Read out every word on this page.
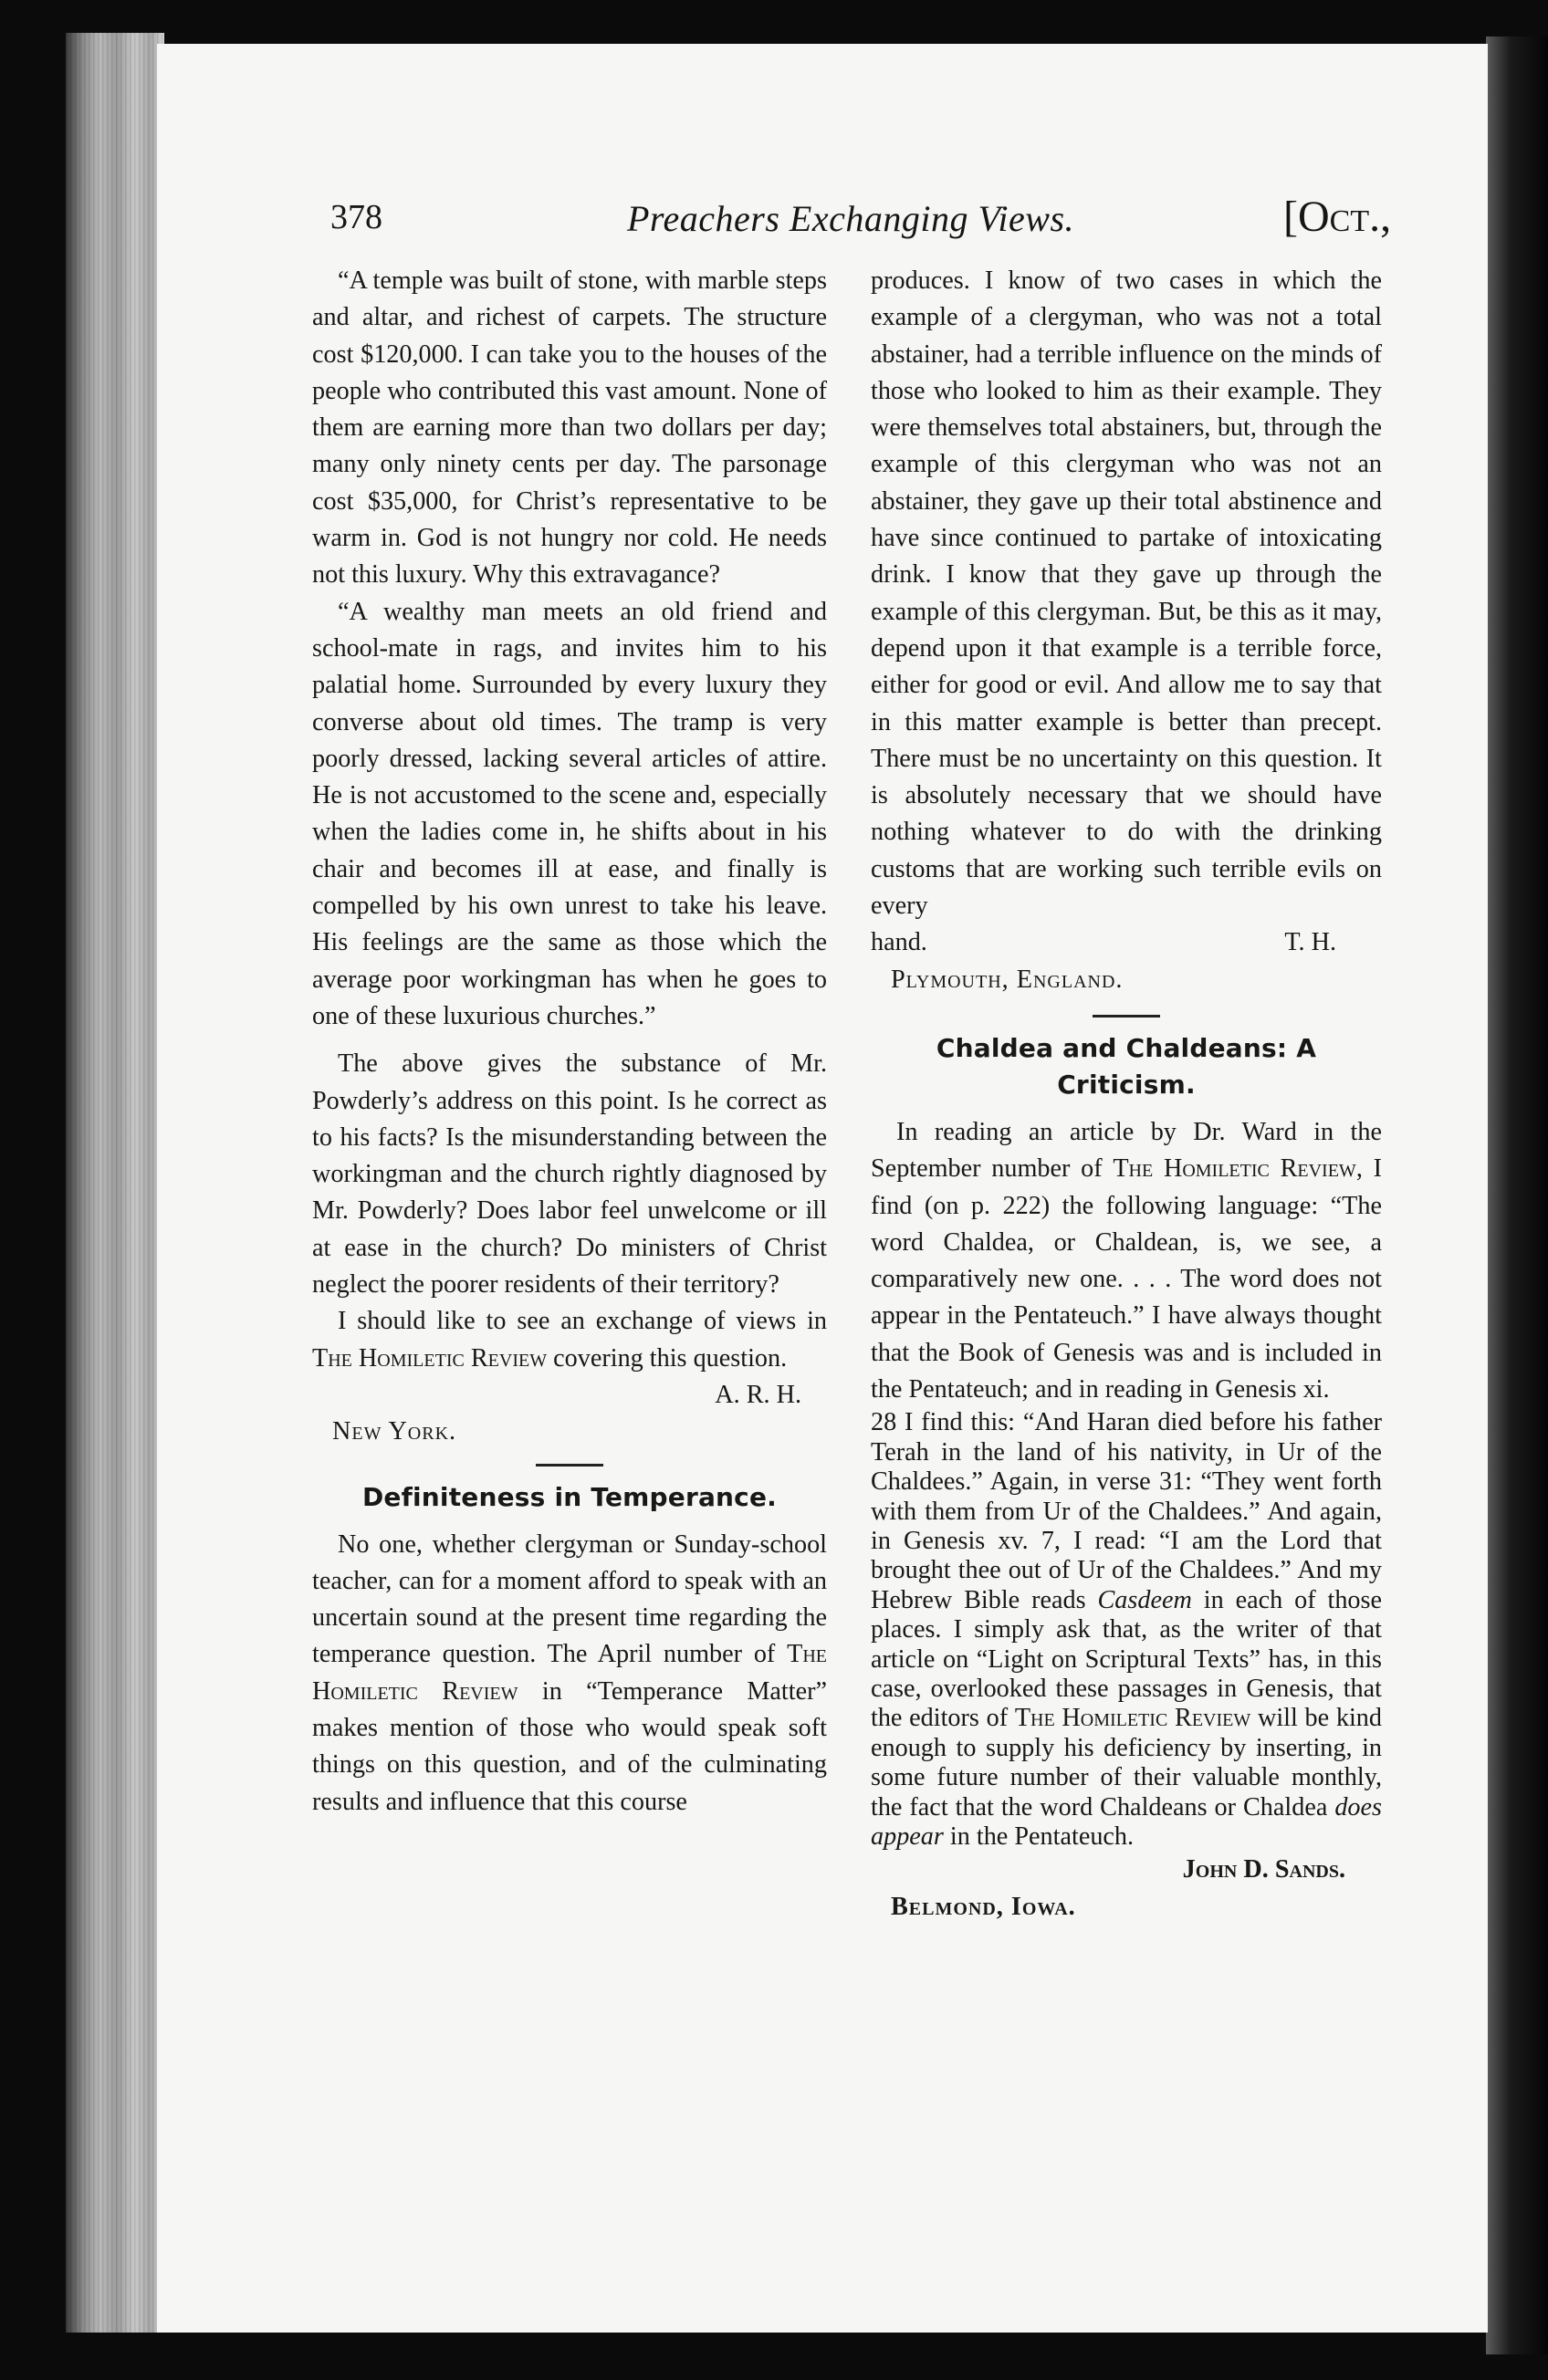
378	Preachers Exchanging Views.	[Oct.,

“A temple was built of stone, with marble steps and altar, and richest of carpets. The structure cost $120,000. I can take you to the houses of the people who contributed this vast amount. None of them are earning more than two dollars per day; many only ninety cents per day. The parsonage cost $35,000, for Christ’s representative to be warm in. God is not hungry nor cold. He needs not this luxury. Why this extravagance?

“A wealthy man meets an old friend and school-mate in rags, and invites him to his palatial home. Surrounded by every luxury they converse about old times. The tramp is very poorly dressed, lacking several articles of attire. He is not accustomed to the scene and, especially when the ladies come in, he shifts about in his chair and becomes ill at ease, and finally is compelled by his own unrest to take his leave. His feelings are the same as those which the average poor workingman has when he goes to one of these luxurious churches.”

The above gives the substance of Mr. Powderly’s address on this point. Is he correct as to his facts? Is the misunderstanding between the workingman and the church rightly diagnosed by Mr. Powderly? Does labor feel unwelcome or ill at ease in the church? Do ministers of Christ neglect the poorer residents of their territory?

I should like to see an exchange of views in The Homiletic Review covering this question.

A. R. H.

New York.

Definiteness in Temperance.

No one, whether clergyman or Sunday-school teacher, can for a moment afford to speak with an uncertain sound at the present time regarding the temperance question. The April number of The Homiletic Review in “Temperance Matter” makes mention of those who would speak soft things on this question, and of the culminating results and influence that this course

produces. I know of two cases in which the example of a clergyman, who was not a total abstainer, had a terrible influence on the minds of those who looked to him as their example. They were themselves total abstainers, but, through the example of this clergyman who was not an abstainer, they gave up their total abstinence and have since continued to partake of intoxicating drink. I know that they gave up through the example of this clergyman. But, be this as it may, depend upon it that example is a terrible force, either for good or evil. And allow me to say that in this matter example is better than precept. There must be no uncertainty on this question. It is absolutely necessary that we should have nothing whatever to do with the drinking customs that are working such terrible evils on every

hand.	T. H.

Plymouth, England.

Chaldea and Chaldeans: A Criticism.

In reading an article by Dr. Ward in the September number of The Homiletic Review, I find (on p. 222) the following language: “The word Chaldea, or Chaldean, is, we see, a comparatively new one. . . . The word does not appear in the Pentateuch.” I have always thought that the Book of Genesis was and is included in the Pentateuch; and in reading in Genesis xi.

28 I find this: “And Haran died before his father Terah in the land of his nativity, in Ur of the Chaldees.” Again, in verse 31: “They went forth with them from Ur of the Chaldees.” And again, in Genesis xv. 7, I read: “I am the Lord that brought thee out of Ur of the Chaldees.” And my Hebrew Bible reads Casdeem in each of those places. I simply ask that, as the writer of that article on “Light on Scriptural Texts” has, in this case, overlooked these passages in Genesis, that the editors of The Homiletic Review will be kind enough to supply his deficiency by inserting, in some future number of their valuable monthly, the fact that the word Chaldeans or Chaldea does appear in the Pentateuch.

John D. Sands.

Belmond, Iowa.
